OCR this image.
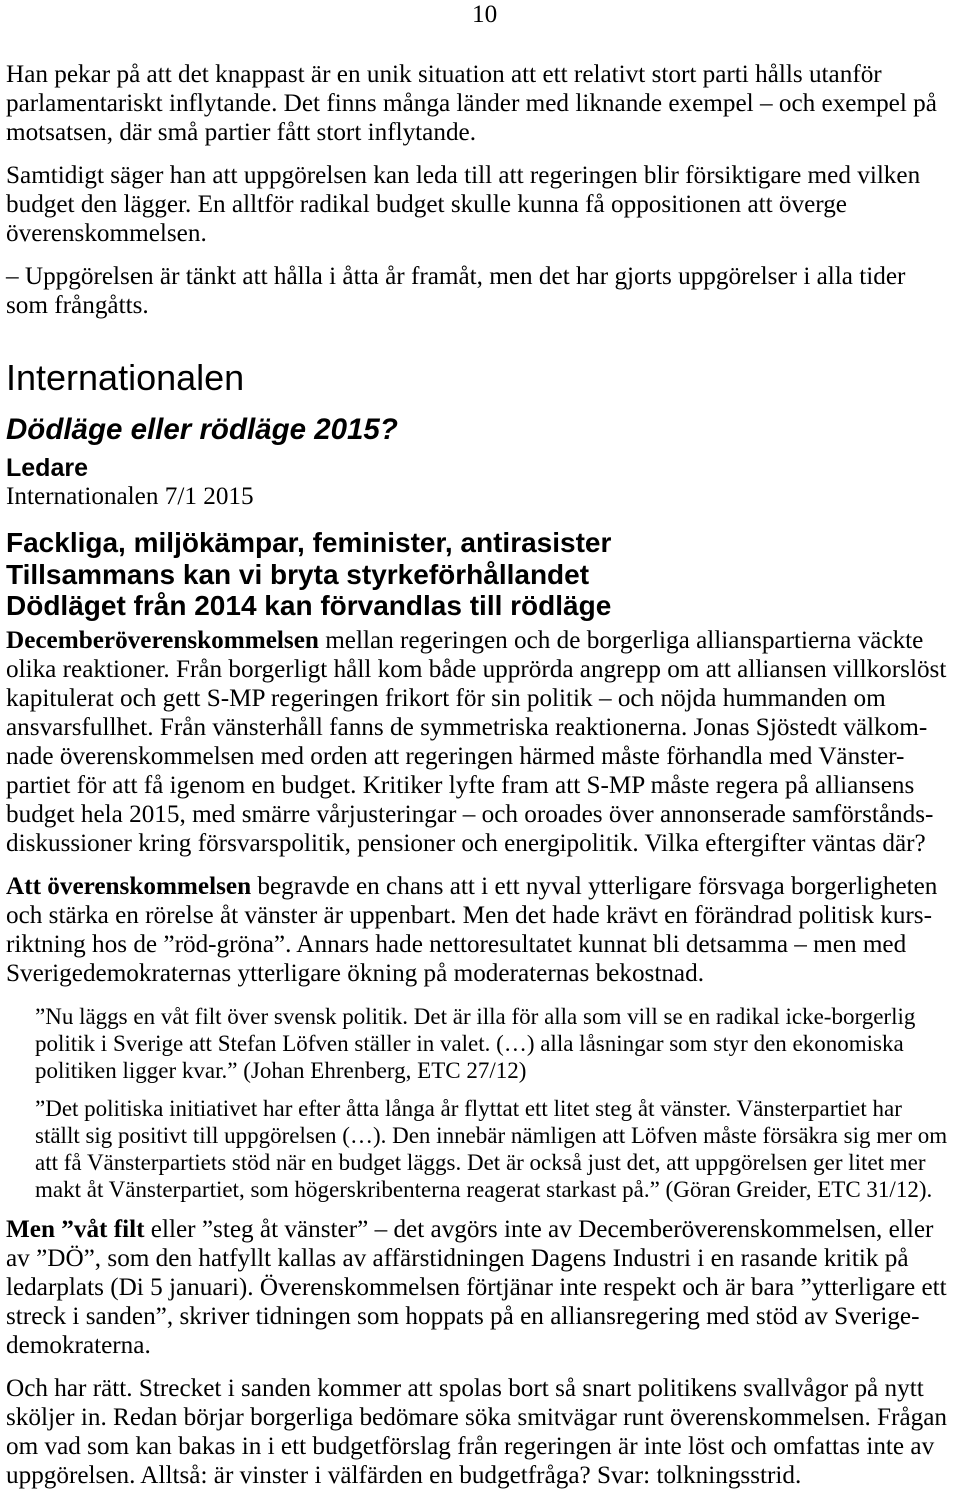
10
Han pekar på att det knappast är en unik situation att ett relativt stort parti hålls utanför
parlamentariskt inflytande. Det finns många länder med liknande exempel – och exempel på
motsatsen, där små partier fått stort inflytande.
Samtidigt säger han att uppgörelsen kan leda till att regeringen blir försiktigare med vilken
budget den lägger. En alltför radikal budget skulle kunna få oppositionen att överge
överenskommelsen.
– Uppgörelsen är tänkt att hålla i åtta år framåt, men det har gjorts uppgörelser i alla tider
som frångåtts.
Internationalen
Dödläge eller rödläge 2015?
Ledare
Internationalen 7/1 2015
Fackliga, miljökämpar, feminister, antirasister
Tillsammans kan vi bryta styrkeförhållandet
Dödläget från 2014 kan förvandlas till rödläge
Decemberöverenskommelsen mellan regeringen och de borgerliga allianspartierna väckte
olika reaktioner. Från borgerligt håll kom både upprörda angrepp om att alliansen villkorslöst
kapitulerat och gett S-MP regeringen frikort för sin politik – och nöjda hummanden om
ansvarsfullhet. Från vänsterhåll fanns de symmetriska reaktionerna. Jonas Sjöstedt välkom-
nade överenskommelsen med orden att regeringen härmed måste förhandla med Vänster-
partiet för att få igenom en budget. Kritiker lyfte fram att S-MP måste regera på alliansens
budget hela 2015, med smärre vårjusteringar – och oroades över annonserade samförstånds-
diskussioner kring försvarspolitik, pensioner och energipolitik. Vilka eftergifter väntas där?
Att överenskommelsen begravde en chans att i ett nyval ytterligare försvaga borgerligheten
och stärka en rörelse åt vänster är uppenbart. Men det hade krävt en förändrad politisk kurs-
riktning hos de ”röd-gröna”. Annars hade nettoresultatet kunnat bli detsamma – men med
Sverigedemokraternas ytterligare ökning på moderaternas bekostnad.
”Nu läggs en våt filt över svensk politik. Det är illa för alla som vill se en radikal icke-borgerlig
politik i Sverige att Stefan Löfven ställer in valet. (…) alla låsningar som styr den ekonomiska
politiken ligger kvar.” (Johan Ehrenberg, ETC 27/12)
”Det politiska initiativet har efter åtta långa år flyttat ett litet steg åt vänster. Vänsterpartiet har
ställt sig positivt till uppgörelsen (…). Den innebär nämligen att Löfven måste försäkra sig mer om
att få Vänsterpartiets stöd när en budget läggs. Det är också just det, att uppgörelsen ger litet mer
makt åt Vänsterpartiet, som högerskribenterna reagerat starkast på.” (Göran Greider, ETC 31/12).
Men ”våt filt eller ”steg åt vänster” – det avgörs inte av Decemberöverenskommelsen, eller
av ”DÖ”, som den hatfyllt kallas av affärstidningen Dagens Industri i en rasande kritik på
ledarplats (Di 5 januari). Överenskommelsen förtjänar inte respekt och är bara ”ytterligare ett
streck i sanden”, skriver tidningen som hoppats på en alliansregering med stöd av Sverige-
demokraterna.
Och har rätt. Strecket i sanden kommer att spolas bort så snart politikens svallvågor på nytt
sköljer in. Redan börjar borgerliga bedömare söka smitvägar runt överenskommelsen. Frågan
om vad som kan bakas in i ett budgetförslag från regeringen är inte löst och omfattas inte av
uppgörelsen. Alltså: är vinster i välfärden en budgetfråga? Svar: tolkningsstrid.
